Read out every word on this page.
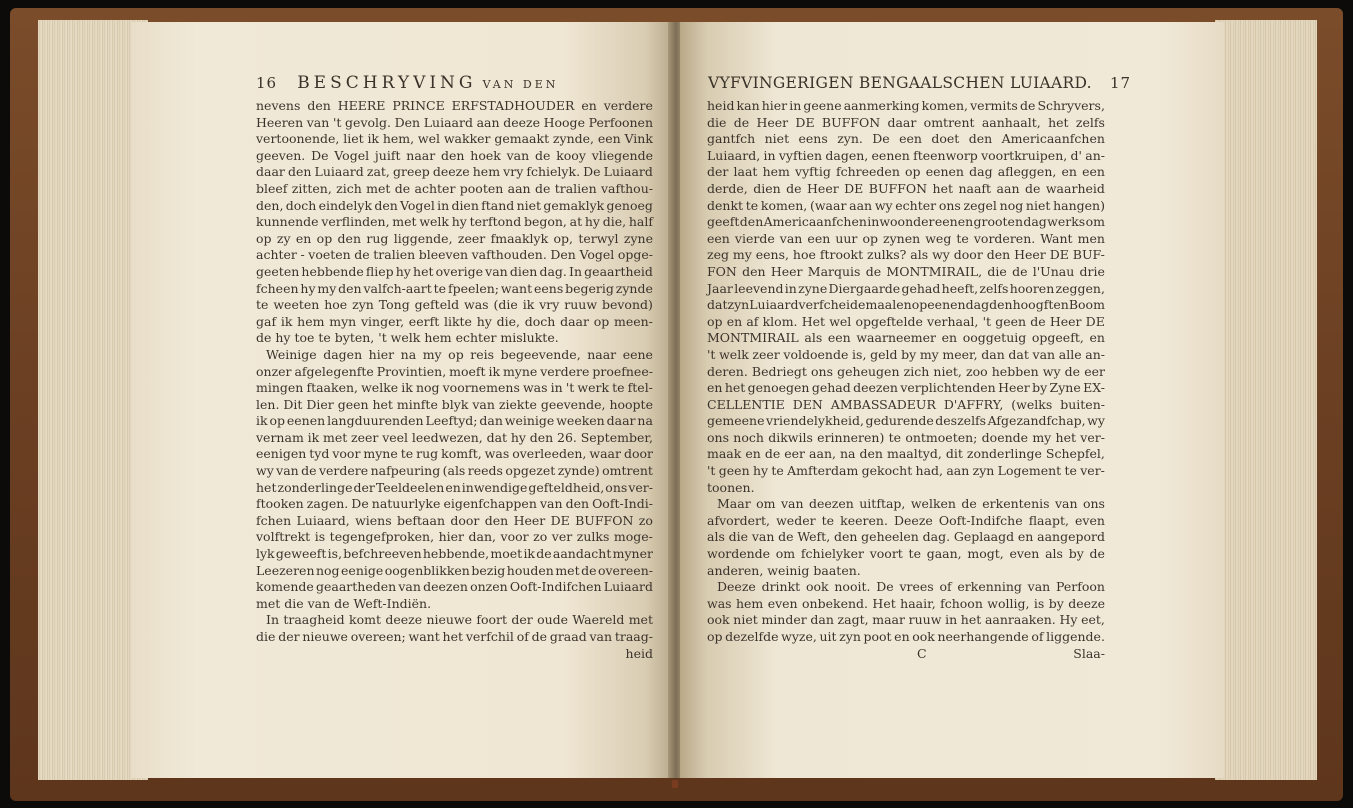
16 BESCHRYVING VAN DEN
nevens den HEERE PRINCE ERFSTADHOUDER en verdere
Heeren van 't gevolg. Den Luiaard aan deeze Hooge Perfoonen
vertoonende, liet ik hem, wel wakker gemaakt zynde, een Vink
geeven. De Vogel juift naar den hoek van de kooy vliegende
daar den Luiaard zat, greep deeze hem vry fchielyk. De Luiaard
bleef zitten, zich met de achter pooten aan de tralien vafthou-
den, doch eindelyk den Vogel in dien ftand niet gemaklyk genoeg
kunnende verflinden, met welk hy terftond begon, at hy die, half
op zy en op den rug liggende, zeer fmaaklyk op, terwyl zyne
achter - voeten de tralien bleeven vafthouden. Den Vogel opge-
geeten hebbende fliep hy het overige van dien dag. In geaartheid
fcheen hy my den valfch-aart te fpeelen; want eens begerig zynde
te weeten hoe zyn Tong gefteld was (die ik vry ruuw bevond)
gaf ik hem myn vinger, eerft likte hy die, doch daar op meen-
de hy toe te byten, 't welk hem echter mislukte.
Weinige dagen hier na my op reis begeevende, naar eene
onzer afgelegenfte Provintien, moeft ik myne verdere proefnee-
mingen ftaaken, welke ik nog voornemens was in 't werk te ftel-
len. Dit Dier geen het minfte blyk van ziekte geevende, hoopte
ik op eenen langduurenden Leeftyd; dan weinige weeken daar na
vernam ik met zeer veel leedwezen, dat hy den 26. September,
eenigen tyd voor myne te rug komft, was overleeden, waar door
wy van de verdere nafpeuring (als reeds opgezet zynde) omtrent
het zonderlinge der Teeldeelen en inwendige gefteldheid, ons ver-
ftooken zagen. De natuurlyke eigenfchappen van den Ooft-Indi-
fchen Luiaard, wiens beftaan door den Heer DE BUFFON zo
volftrekt is tegengefproken, hier dan, voor zo ver zulks moge-
lyk geweeft is, befchreeven hebbende, moet ik de aandacht myner
Leezeren nog eenige oogenblikken bezig houden met de overeen-
komende geaartheden van deezen onzen Ooft-Indifchen Luiaard
met die van de Weft-Indiën.
In traagheid komt deeze nieuwe foort der oude Waereld met
die der nieuwe overeen; want het verfchil of de graad van traag-
heid
VYFVINGERIGEN BENGAALSCHEN LUIAARD. 17
heid kan hier in geene aanmerking komen, vermits de Schryvers,
die de Heer DE BUFFON daar omtrent aanhaalt, het zelfs
gantfch niet eens zyn. De een doet den Americaanfchen
Luiaard, in vyftien dagen, eenen fteenworp voortkruipen, d' an-
der laat hem vyftig fchreeden op eenen dag afleggen, en een
derde, dien de Heer DE BUFFON het naaft aan de waarheid
denkt te komen, (waar aan wy echter ons zegel nog niet hangen)
geeft den Americaanfchen inwoonder eenen grooten dag werks om
een vierde van een uur op zynen weg te vorderen. Want men
zeg my eens, hoe ftrookt zulks? als wy door den Heer DE BUF-
FON den Heer Marquis de MONTMIRAIL, die de l'Unau drie
Jaar leevend in zyne Diergaarde gehad heeft, zelfs hooren zeggen,
dat zyn Luiaard verfcheide maalen op eenen dag den hoogften Boom
op en af klom. Het wel opgeftelde verhaal, 't geen de Heer DE
MONTMIRAIL als een waarneemer en ooggetuig opgeeft, en
't welk zeer voldoende is, geld by my meer, dan dat van alle an-
deren. Bedriegt ons geheugen zich niet, zoo hebben wy de eer
en het genoegen gehad deezen verplichtenden Heer by Zyne EX-
CELLENTIE DEN AMBASSADEUR D'AFFRY, (welks buiten-
gemeene vriendelykheid, gedurende deszelfs Afgezandfchap, wy
ons noch dikwils erinneren) te ontmoeten; doende my het ver-
maak en de eer aan, na den maaltyd, dit zonderlinge Schepfel,
't geen hy te Amfterdam gekocht had, aan zyn Logement te ver-
toonen.
Maar om van deezen uitftap, welken de erkentenis van ons
afvordert, weder te keeren. Deeze Ooft-Indifche flaapt, even
als die van de Weft, den geheelen dag. Geplaagd en aangepord
wordende om fchielyker voort te gaan, mogt, even als by de
anderen, weinig baaten.
Deeze drinkt ook nooit. De vrees of erkenning van Perfoon
was hem even onbekend. Het haair, fchoon wollig, is by deeze
ook niet minder dan zagt, maar ruuw in het aanraaken. Hy eet,
op dezelfde wyze, uit zyn poot en ook neerhangende of liggende.
C	Slaa-
